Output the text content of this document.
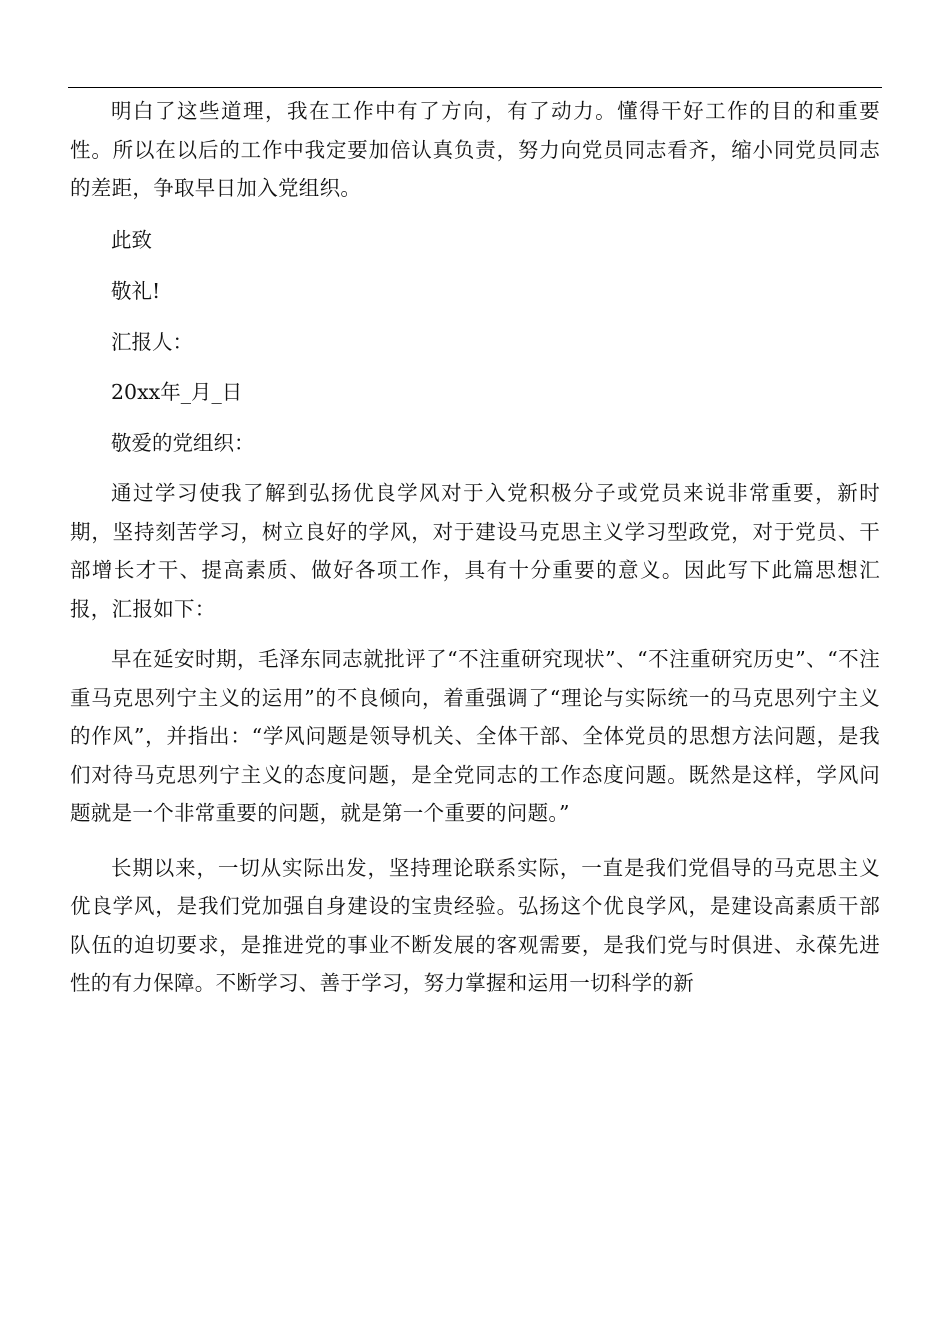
明白了这些道理，我在工作中有了方向，有了动力。懂得干好工作的目的和重要性。所以在以后的工作中我定要加倍认真负责，努力向党员同志看齐，缩小同党员同志的差距，争取早日加入党组织。

此致

敬礼!

汇报人：

20xx年_月_日

敬爱的党组织：

通过学习使我了解到弘扬优良学风对于入党积极分子或党员来说非常重要，新时期，坚持刻苦学习，树立良好的学风，对于建设马克思主义学习型政党，对于党员、干部增长才干、提高素质、做好各项工作，具有十分重要的意义。因此写下此篇思想汇报，汇报如下：

早在延安时期，毛泽东同志就批评了“不注重研究现状”、“不注重研究历史”、“不注重马克思列宁主义的运用”的不良倾向，着重强调了“理论与实际统一的马克思列宁主义的作风”，并指出：“学风问题是领导机关、全体干部、全体党员的思想方法问题，是我们对待马克思列宁主义的态度问题，是全党同志的工作态度问题。既然是这样，学风问题就是一个非常重要的问题，就是第一个重要的问题。”

长期以来，一切从实际出发，坚持理论联系实际，一直是我们党倡导的马克思主义优良学风，是我们党加强自身建设的宝贵经验。弘扬这个优良学风，是建设高素质干部队伍的迫切要求，是推进党的事业不断发展的客观需要，是我们党与时俱进、永葆先进性的有力保障。不断学习、善于学习，努力掌握和运用一切科学的新
